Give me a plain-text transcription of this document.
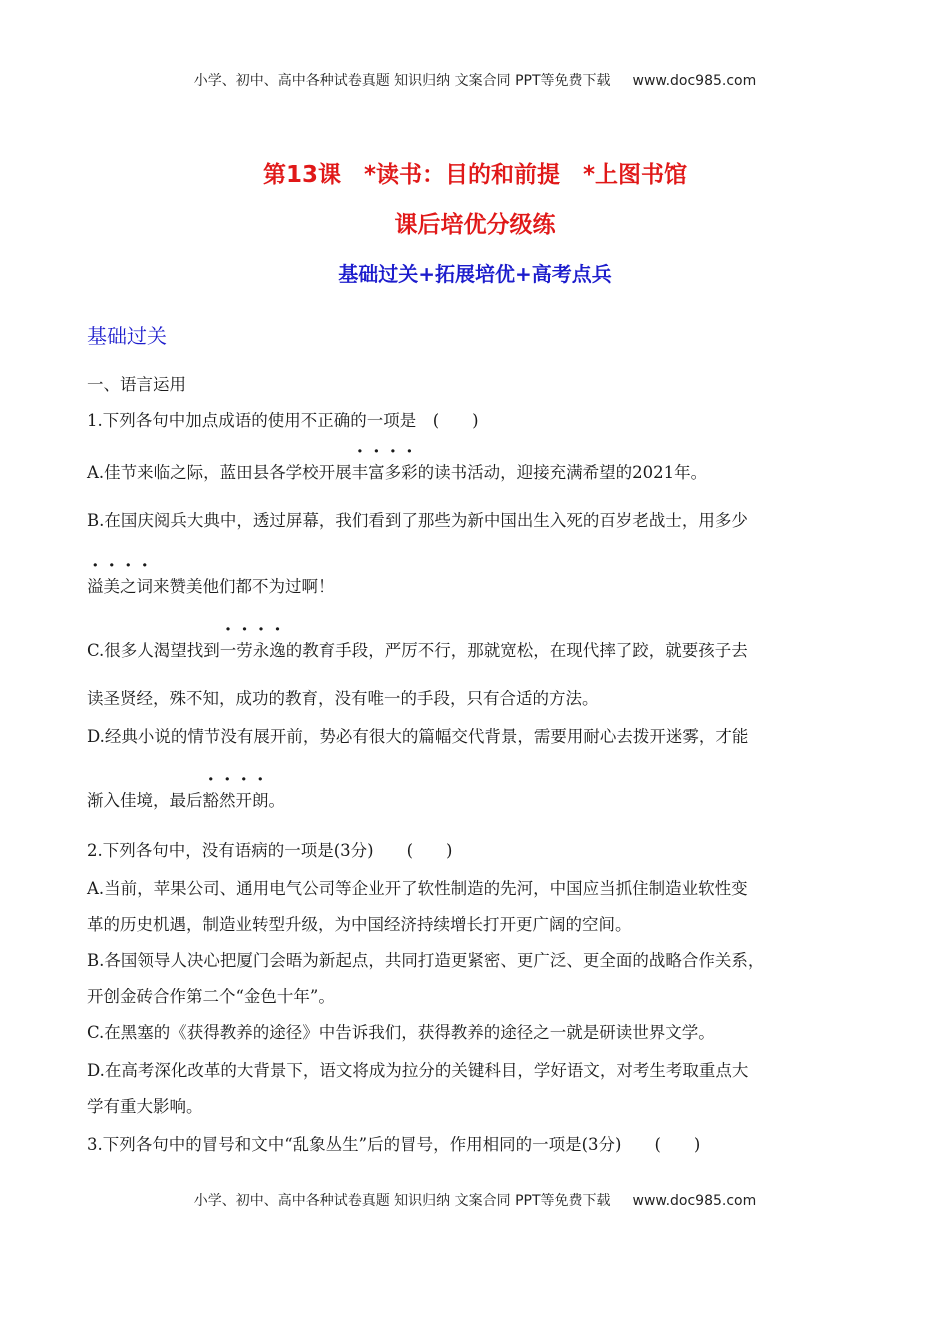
小学、初中、高中各种试卷真题 知识归纳 文案合同 PPT等免费下载 www.doc985.com
第13课　*读书：目的和前提　*上图书馆
课后培优分级练
基础过关+拓展培优+高考点兵
基础过关
一、语言运用
1.下列各句中加点成语的使用不正确的一项是　(　　)
A.佳节来临之际，蓝田县各学校开展丰富多彩的读书活动，迎接充满希望的2021年。
B.在国庆阅兵大典中，透过屏幕，我们看到了那些为新中国出生入死的百岁老战士，用多少
溢美之词来赞美他们都不为过啊！
C.很多人渴望找到一劳永逸的教育手段，严厉不行，那就宽松，在现代摔了跤，就要孩子去
读圣贤经，殊不知，成功的教育，没有唯一的手段，只有合适的方法。
D.经典小说的情节没有展开前，势必有很大的篇幅交代背景，需要用耐心去拨开迷雾，才能
渐入佳境，最后豁然开朗。
2.下列各句中，没有语病的一项是(3分)　　(　　)
A.当前，苹果公司、通用电气公司等企业开了软性制造的先河，中国应当抓住制造业软性变
革的历史机遇，制造业转型升级，为中国经济持续增长打开更广阔的空间。
B.各国领导人决心把厦门会晤为新起点，共同打造更紧密、更广泛、更全面的战略合作关系，
开创金砖合作第二个“金色十年”。
C.在黑塞的《获得教养的途径》中告诉我们，获得教养的途径之一就是研读世界文学。
D.在高考深化改革的大背景下，语文将成为拉分的关键科目，学好语文，对考生考取重点大
学有重大影响。
3.下列各句中的冒号和文中“乱象丛生”后的冒号，作用相同的一项是(3分)　　(　　)
小学、初中、高中各种试卷真题 知识归纳 文案合同 PPT等免费下载 www.doc985.com
